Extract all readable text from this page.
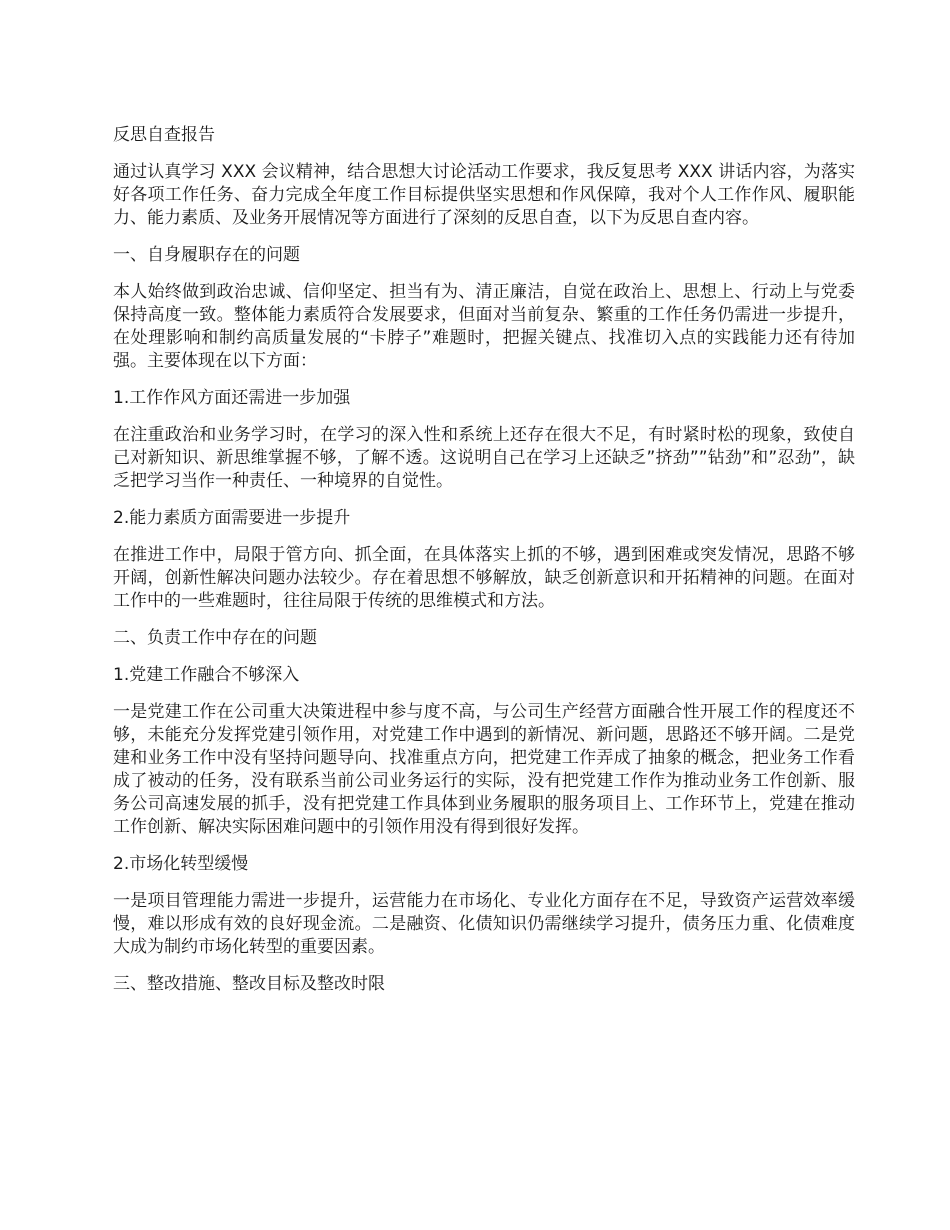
反思自查报告
通过认真学习 XXX 会议精神，结合思想大讨论活动工作要求，我反复思考 XXX 讲话内容，为落实好各项工作任务、奋力完成全年度工作目标提供坚实思想和作风保障，我对个人工作作风、履职能力、能力素质、及业务开展情况等方面进行了深刻的反思自查，以下为反思自查内容。
一、自身履职存在的问题
本人始终做到政治忠诚、信仰坚定、担当有为、清正廉洁，自觉在政治上、思想上、行动上与党委保持高度一致。整体能力素质符合发展要求，但面对当前复杂、繁重的工作任务仍需进一步提升，在处理影响和制约高质量发展的“卡脖子”难题时，把握关键点、找准切入点的实践能力还有待加强。主要体现在以下方面：
1.工作作风方面还需进一步加强
在注重政治和业务学习时，在学习的深入性和系统上还存在很大不足，有时紧时松的现象，致使自己对新知识、新思维掌握不够，了解不透。这说明自己在学习上还缺乏”挤劲””钻劲”和”忍劲”，缺乏把学习当作一种责任、一种境界的自觉性。
2.能力素质方面需要进一步提升
在推进工作中，局限于管方向、抓全面，在具体落实上抓的不够，遇到困难或突发情况，思路不够开阔，创新性解决问题办法较少。存在着思想不够解放，缺乏创新意识和开拓精神的问题。在面对工作中的一些难题时，往往局限于传统的思维模式和方法。
二、负责工作中存在的问题
1.党建工作融合不够深入
一是党建工作在公司重大决策进程中参与度不高，与公司生产经营方面融合性开展工作的程度还不够，未能充分发挥党建引领作用，对党建工作中遇到的新情况、新问题，思路还不够开阔。二是党建和业务工作中没有坚持问题导向、找准重点方向，把党建工作弄成了抽象的概念，把业务工作看成了被动的任务，没有联系当前公司业务运行的实际，没有把党建工作作为推动业务工作创新、服务公司高速发展的抓手，没有把党建工作具体到业务履职的服务项目上、工作环节上，党建在推动工作创新、解决实际困难问题中的引领作用没有得到很好发挥。
2.市场化转型缓慢
一是项目管理能力需进一步提升，运营能力在市场化、专业化方面存在不足，导致资产运营效率缓慢，难以形成有效的良好现金流。二是融资、化债知识仍需继续学习提升，债务压力重、化债难度大成为制约市场化转型的重要因素。
三、整改措施、整改目标及整改时限
